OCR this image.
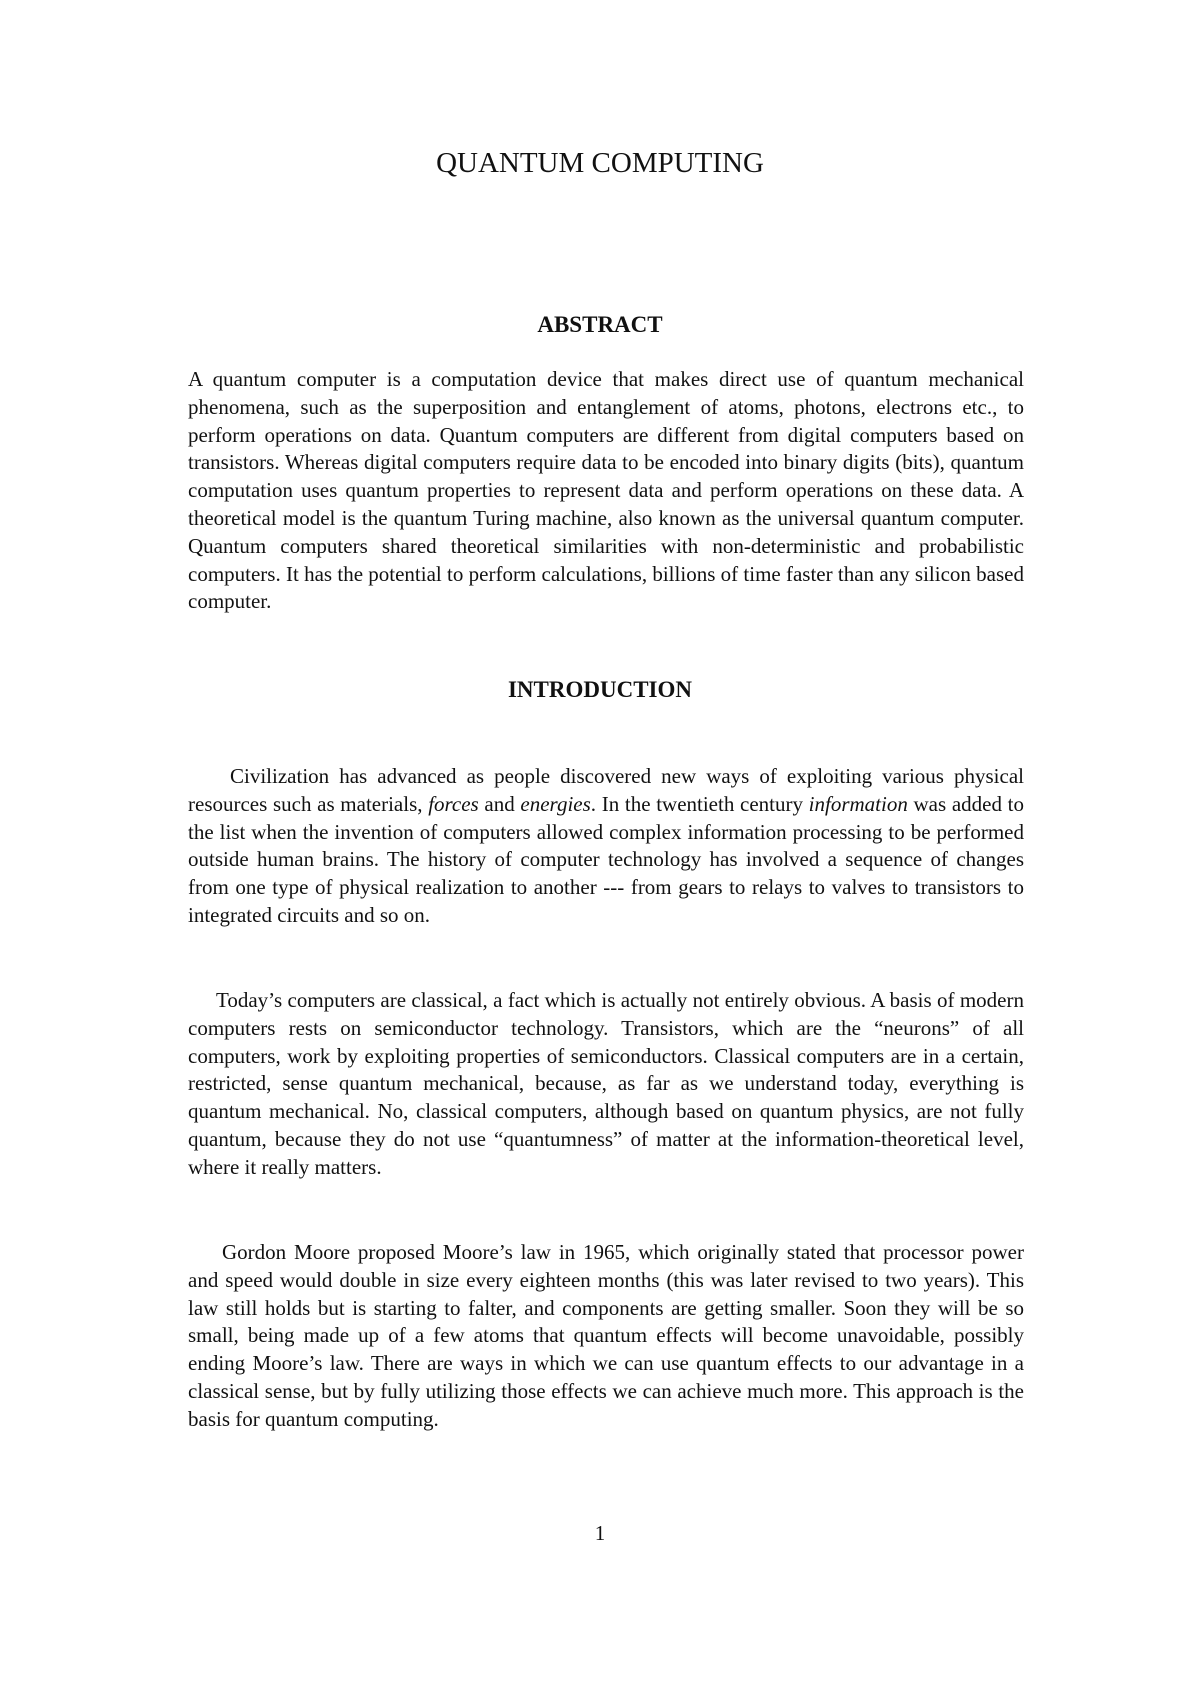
QUANTUM COMPUTING
ABSTRACT

A quantum computer is a computation device that makes direct use of quantum mechanical phenomena, such as the superposition and entanglement of atoms, photons, electrons etc., to perform operations on data. Quantum computers are different from digital computers based on transistors. Whereas digital computers require data to be encoded into binary digits (bits), quantum computation uses quantum properties to represent data and perform operations on these data. A theoretical model is the quantum Turing machine, also known as the universal quantum computer. Quantum computers shared theoretical similarities with non-deterministic and probabilistic computers. It has the potential to perform calculations, billions of time faster than any silicon based computer.

INTRODUCTION

Civilization has advanced as people discovered new ways of exploiting various physical resources such as materials, forces and energies. In the twentieth century information was added to the list when the invention of computers allowed complex information processing to be performed outside human brains. The history of computer technology has involved a sequence of changes from one type of physical realization to another --- from gears to relays to valves to transistors to integrated circuits and so on.

Today’s computers are classical, a fact which is actually not entirely obvious. A basis of modern computers rests on semiconductor technology. Transistors, which are the “neurons” of all computers, work by exploiting properties of semiconductors. Classical computers are in a certain, restricted, sense quantum mechanical, because, as far as we understand today, everything is quantum mechanical. No, classical computers, although based on quantum physics, are not fully quantum, because they do not use “quantumness” of matter at the information-theoretical level, where it really matters.

Gordon Moore proposed Moore’s law in 1965, which originally stated that processor power and speed would double in size every eighteen months (this was later revised to two years). This law still holds but is starting to falter, and components are getting smaller. Soon they will be so small, being made up of a few atoms that quantum effects will become unavoidable, possibly ending Moore’s law. There are ways in which we can use quantum effects to our advantage in a classical sense, but by fully utilizing those effects we can achieve much more. This approach is the basis for quantum computing.

1
